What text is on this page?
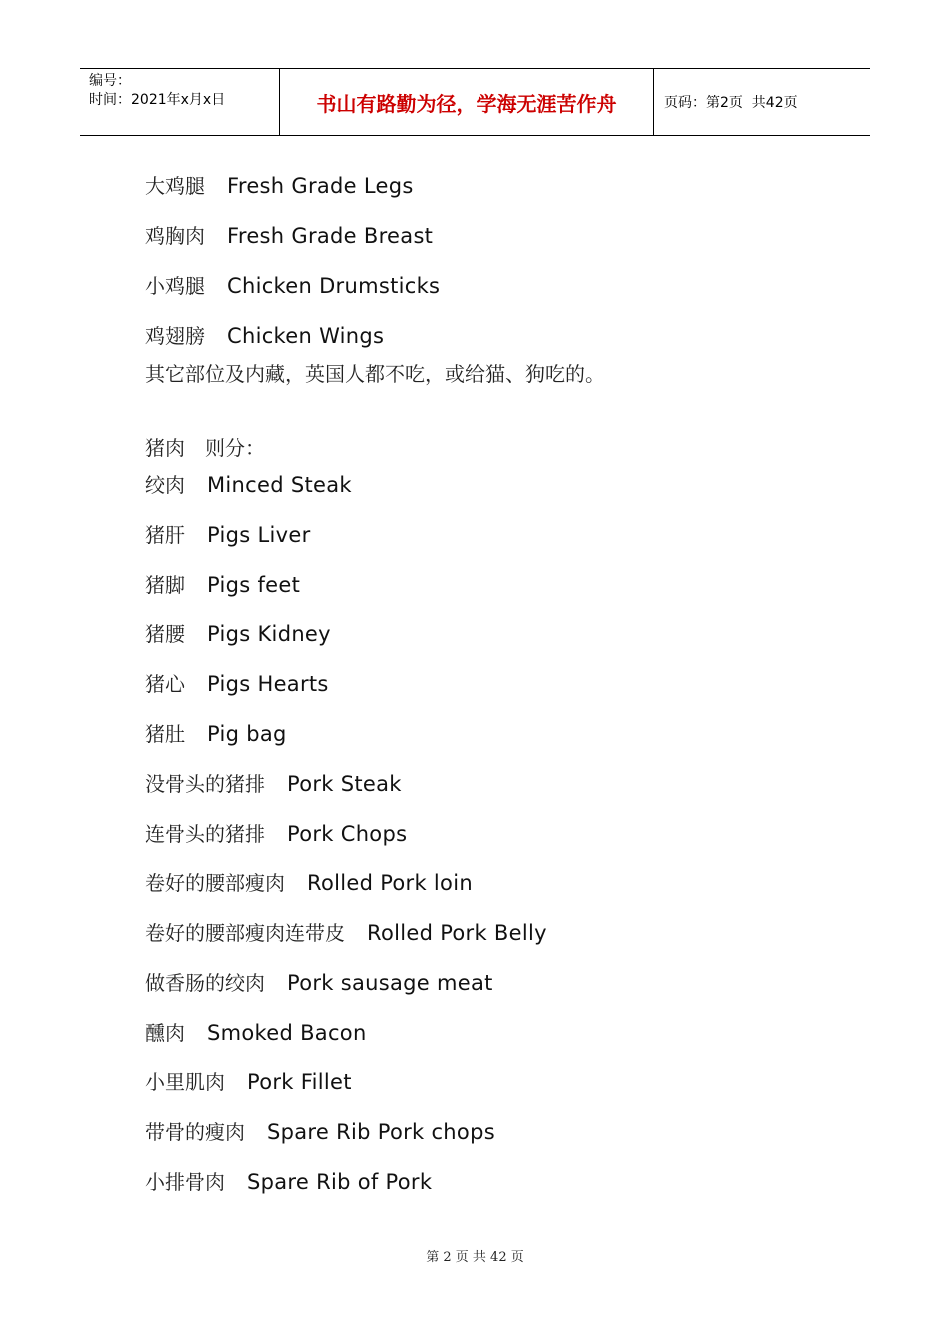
编号：
时间：2021年x月x日	书山有路勤为径，学海无涯苦作舟	页码：第2页  共42页
大鸡腿 Fresh Grade Legs
鸡胸肉 Fresh Grade Breast
小鸡腿 Chicken Drumsticks
鸡翅膀 Chicken Wings
其它部位及内藏，英国人都不吃，或给猫、狗吃的。
猪肉　则分：
绞肉 Minced Steak
猪肝 Pigs Liver
猪脚 Pigs feet
猪腰 Pigs Kidney
猪心 Pigs Hearts
猪肚 Pig bag
没骨头的猪排 Pork Steak
连骨头的猪排 Pork Chops
卷好的腰部瘦肉 Rolled Pork loin
卷好的腰部瘦肉连带皮 Rolled Pork Belly
做香肠的绞肉 Pork sausage meat
醺肉 Smoked Bacon
小里肌肉 Pork Fillet
带骨的瘦肉 Spare Rib Pork chops
小排骨肉 Spare Rib of Pork
第 2 页 共 42 页
